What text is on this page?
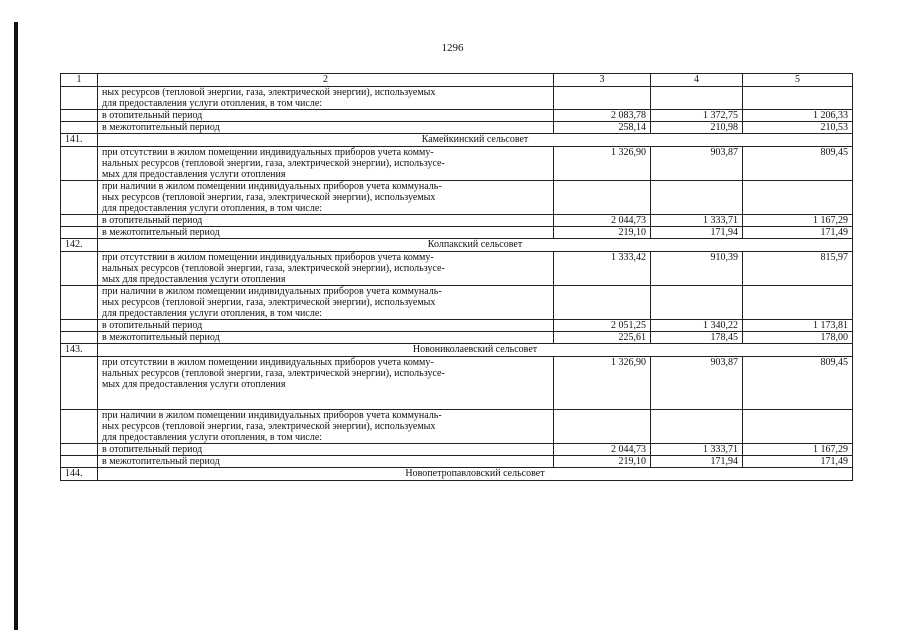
1296
1	2	3	4	5
	ных ресурсов (тепловой энергии, газа, электрической энергии), используемых
для предоставления услуги отопления, в том числе:			
	в отопительный период	2 083,78	1 372,75	1 206,33
	в межотопительный период	258,14	210,98	210,53
141.	Камейкинский сельсовет			
	при отсутствии в жилом помещении индивидуальных приборов учета комму-
нальных ресурсов (тепловой энергии, газа, электрической энергии), использусе-
мых для предоставления услуги отопления	1 326,90	903,87	809,45
	при наличии в жилом помещении индивидуальных приборов учета коммуналь-
ных ресурсов (тепловой энергии, газа, электрической энергии), используемых
для предоставления услуги отопления, в том числе:			
	в отопительный период	2 044,73	1 333,71	1 167,29
	в межотопительный период	219,10	171,94	171,49
142.	Колпакский сельсовет			
	при отсутствии в жилом помещении индивидуальных приборов учета комму-
нальных ресурсов (тепловой энергии, газа, электрической энергии), использусе-
мых для предоставления услуги отопления	1 333,42	910,39	815,97
	при наличии в жилом помещении индивидуальных приборов учета коммуналь-
ных ресурсов (тепловой энергии, газа, электрической энергии), используемых
для предоставления услуги отопления, в том числе:			
	в отопительный период	2 051,25	1 340,22	1 173,81
	в межотопительный период	225,61	178,45	178,00
143.	Новониколаевский сельсовет			
	при отсутствии в жилом помещении индивидуальных приборов учета комму-
нальных ресурсов (тепловой энергии, газа, электрической энергии), использусе-
мых для предоставления услуги отопления	1 326,90	903,87	809,45
	при наличии в жилом помещении индивидуальных приборов учета коммуналь-
ных ресурсов (тепловой энергии, газа, электрической энергии), используемых
для предоставления услуги отопления, в том числе:			
	в отопительный период	2 044,73	1 333,71	1 167,29
	в межотопительный период	219,10	171,94	171,49
144.	Новопетропавловский сельсовет			
